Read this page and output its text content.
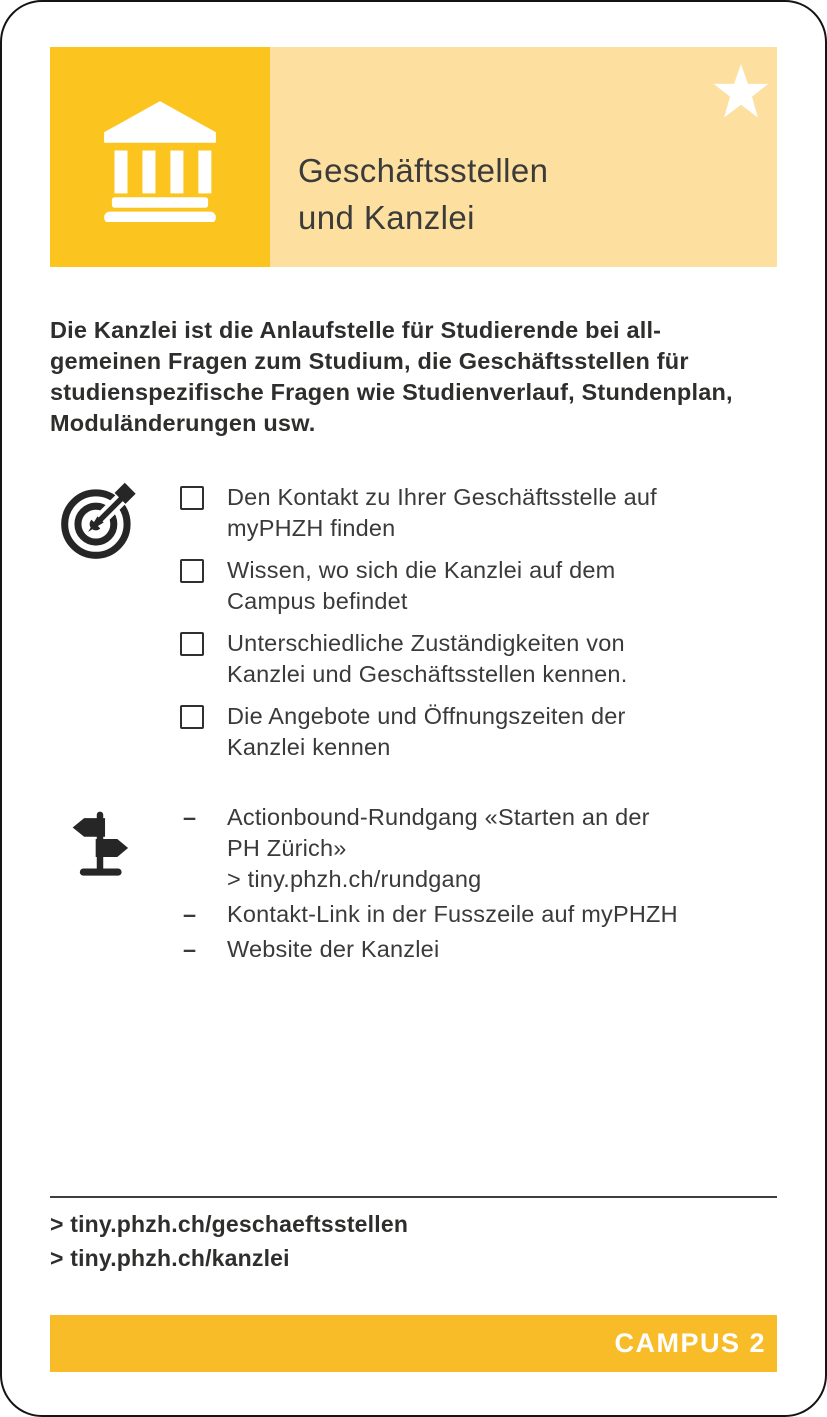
Geschäftsstellen
und Kanzlei
Die Kanzlei ist die Anlaufstelle für Studierende bei all-
gemeinen Fragen zum Studium, die Geschäftsstellen für
studienspezifische Fragen wie Studienverlauf, Stundenplan,
Moduländerungen usw.
Den Kontakt zu Ihrer Geschäftsstelle auf
myPHZH finden
Wissen, wo sich die Kanzlei auf dem
Campus befindet
Unterschiedliche Zuständigkeiten von
Kanzlei und Geschäftsstellen kennen.
Die Angebote und Öffnungszeiten der
Kanzlei kennen
– Actionbound-Rundgang «Starten an der
PH Zürich»
> tiny.phzh.ch/rundgang
– Kontakt-Link in der Fusszeile auf myPHZH
– Website der Kanzlei
> tiny.phzh.ch/geschaeftsstellen
> tiny.phzh.ch/kanzlei
CAMPUS 2
